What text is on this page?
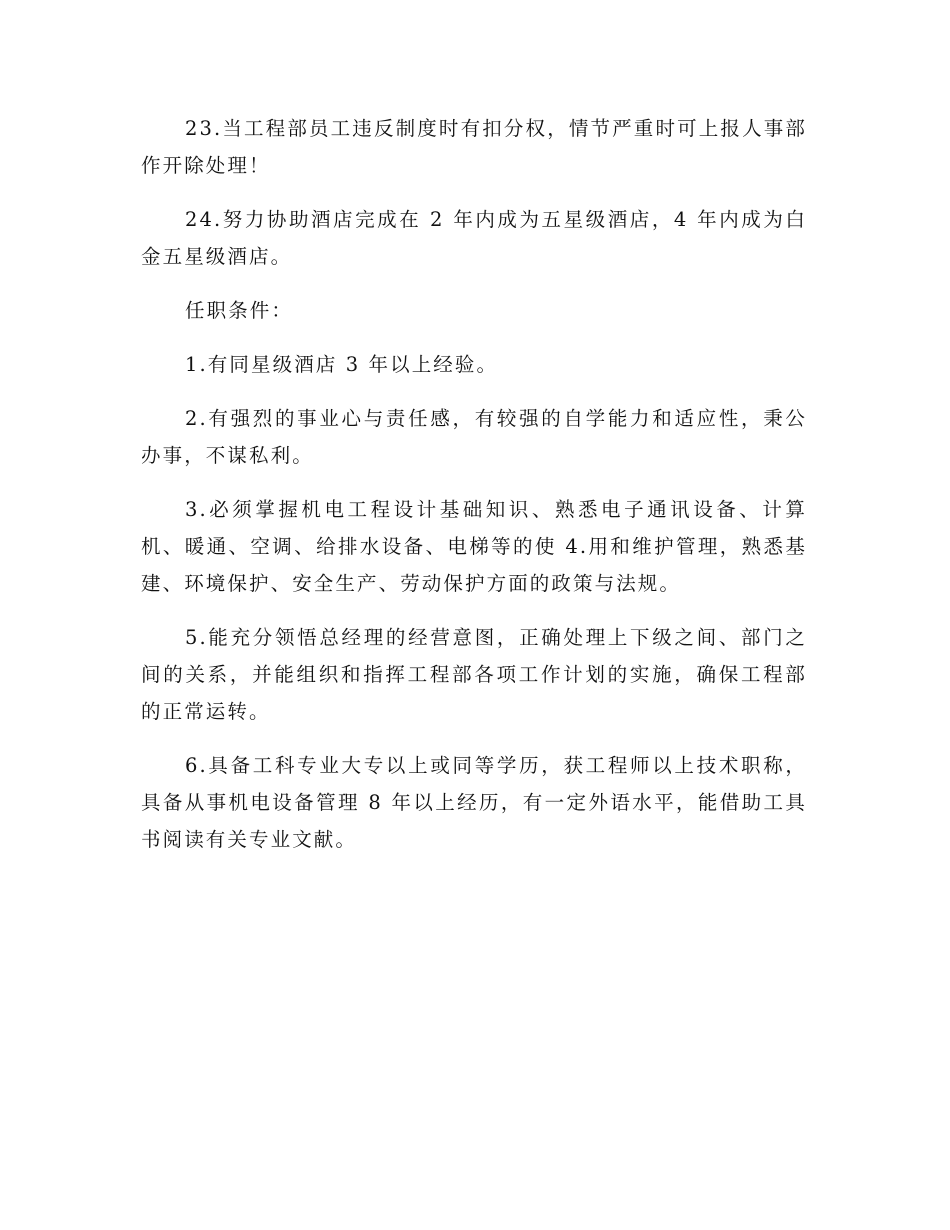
23.当工程部员工违反制度时有扣分权，情节严重时可上报人事部作开除处理！

24.努力协助酒店完成在 2 年内成为五星级酒店，4 年内成为白金五星级酒店。

任职条件：

1.有同星级酒店 3 年以上经验。

2.有强烈的事业心与责任感，有较强的自学能力和适应性，秉公办事，不谋私利。

3.必须掌握机电工程设计基础知识、熟悉电子通讯设备、计算机、暖通、空调、给排水设备、电梯等的使 4.用和维护管理，熟悉基建、环境保护、安全生产、劳动保护方面的政策与法规。

5.能充分领悟总经理的经营意图，正确处理上下级之间、部门之间的关系，并能组织和指挥工程部各项工作计划的实施，确保工程部的正常运转。

6.具备工科专业大专以上或同等学历，获工程师以上技术职称，具备从事机电设备管理 8 年以上经历，有一定外语水平，能借助工具书阅读有关专业文献。
